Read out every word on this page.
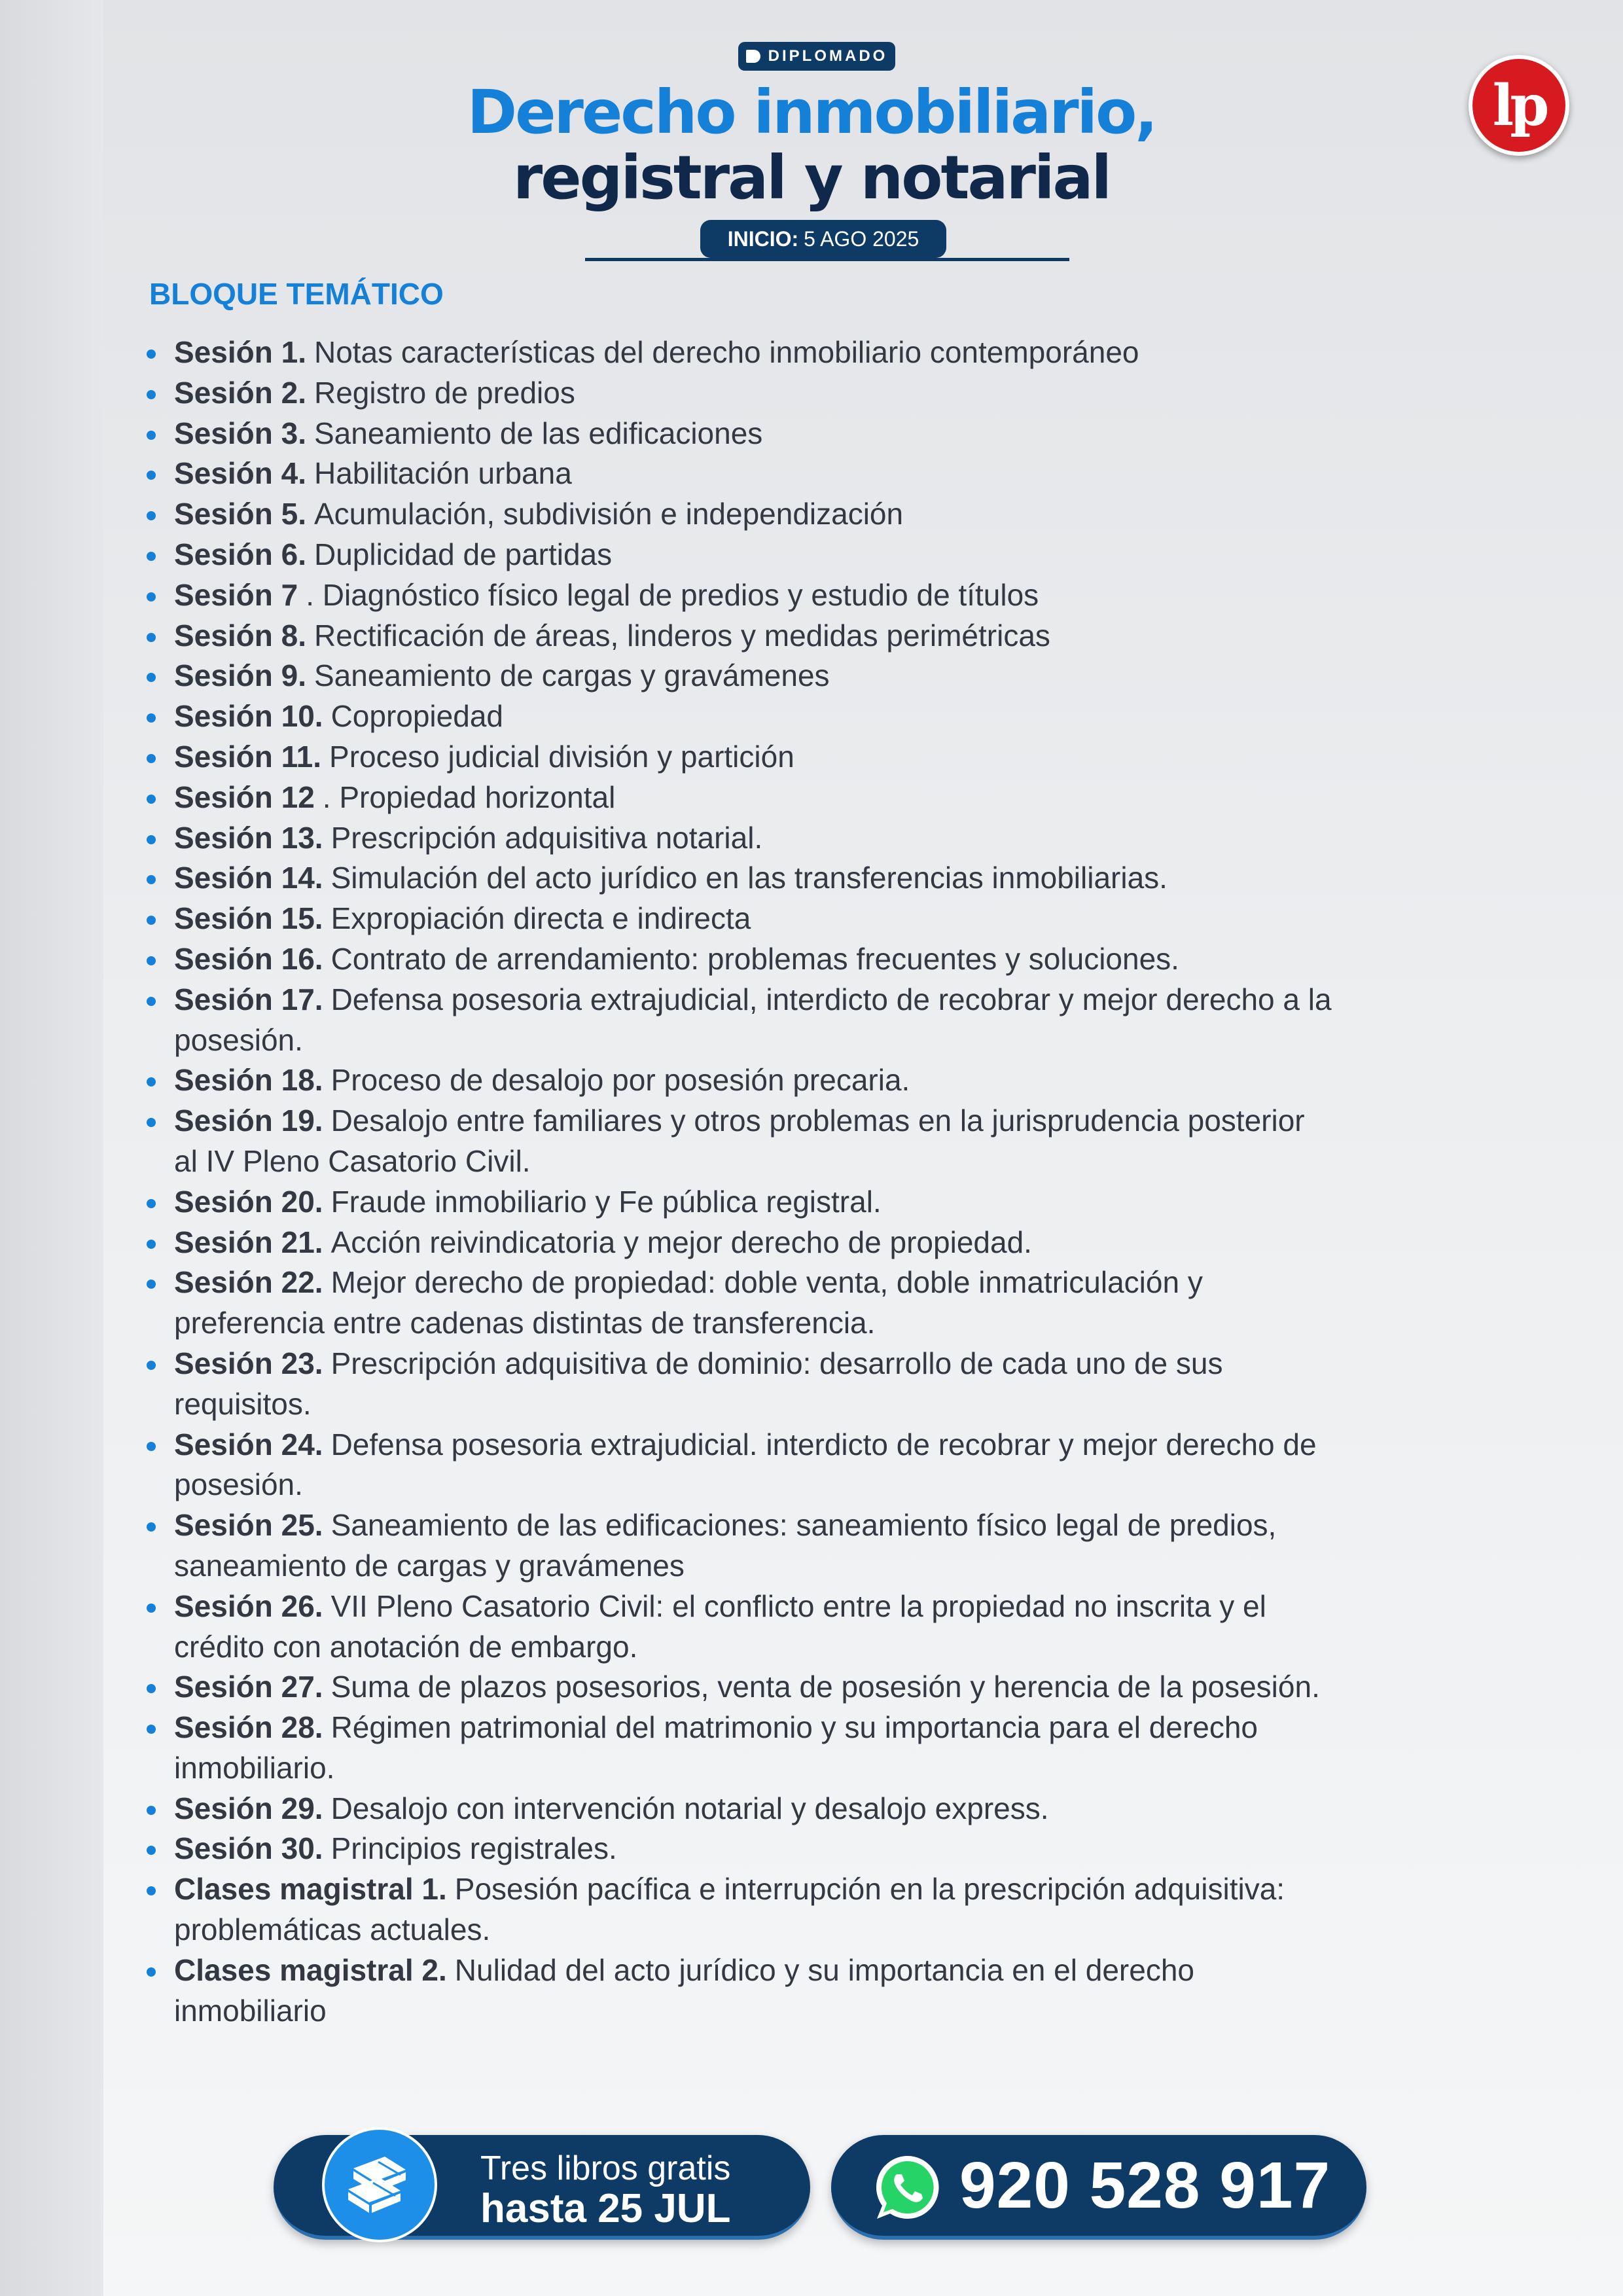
DIPLOMADO
Derecho inmobiliario,
registral y notarial
INICIO: 5 AGO 2025
lp
BLOQUE TEMÁTICO
Sesión 1. Notas características del derecho inmobiliario contemporáneo
Sesión 2. Registro de predios
Sesión 3. Saneamiento de las edificaciones
Sesión 4. Habilitación urbana
Sesión 5. Acumulación, subdivisión e independización
Sesión 6. Duplicidad de partidas
Sesión 7 . Diagnóstico físico legal de predios y estudio de títulos
Sesión 8. Rectificación de áreas, linderos y medidas perimétricas
Sesión 9. Saneamiento de cargas y gravámenes
Sesión 10. Copropiedad
Sesión 11. Proceso judicial división y partición
Sesión 12 . Propiedad horizontal
Sesión 13. Prescripción adquisitiva notarial.
Sesión 14. Simulación del acto jurídico en las transferencias inmobiliarias.
Sesión 15. Expropiación directa e indirecta
Sesión 16. Contrato de arrendamiento: problemas frecuentes y soluciones.
Sesión 17. Defensa posesoria extrajudicial, interdicto de recobrar y mejor derecho a la
posesión.
Sesión 18. Proceso de desalojo por posesión precaria.
Sesión 19. Desalojo entre familiares y otros problemas en la jurisprudencia posterior
al IV Pleno Casatorio Civil.
Sesión 20. Fraude inmobiliario y Fe pública registral.
Sesión 21. Acción reivindicatoria y mejor derecho de propiedad.
Sesión 22. Mejor derecho de propiedad: doble venta, doble inmatriculación y
preferencia entre cadenas distintas de transferencia.
Sesión 23. Prescripción adquisitiva de dominio: desarrollo de cada uno de sus
requisitos.
Sesión 24. Defensa posesoria extrajudicial. interdicto de recobrar y mejor derecho de
posesión.
Sesión 25. Saneamiento de las edificaciones: saneamiento físico legal de predios,
saneamiento de cargas y gravámenes
Sesión 26. VII Pleno Casatorio Civil: el conflicto entre la propiedad no inscrita y el
crédito con anotación de embargo.
Sesión 27. Suma de plazos posesorios, venta de posesión y herencia de la posesión.
Sesión 28. Régimen patrimonial del matrimonio y su importancia para el derecho
inmobiliario.
Sesión 29. Desalojo con intervención notarial y desalojo express.
Sesión 30. Principios registrales.
Clases magistral 1. Posesión pacífica e interrupción en la prescripción adquisitiva:
problemáticas actuales.
Clases magistral 2. Nulidad del acto jurídico y su importancia en el derecho
inmobiliario
Tres libros gratis
hasta 25 JUL	920 528 917
